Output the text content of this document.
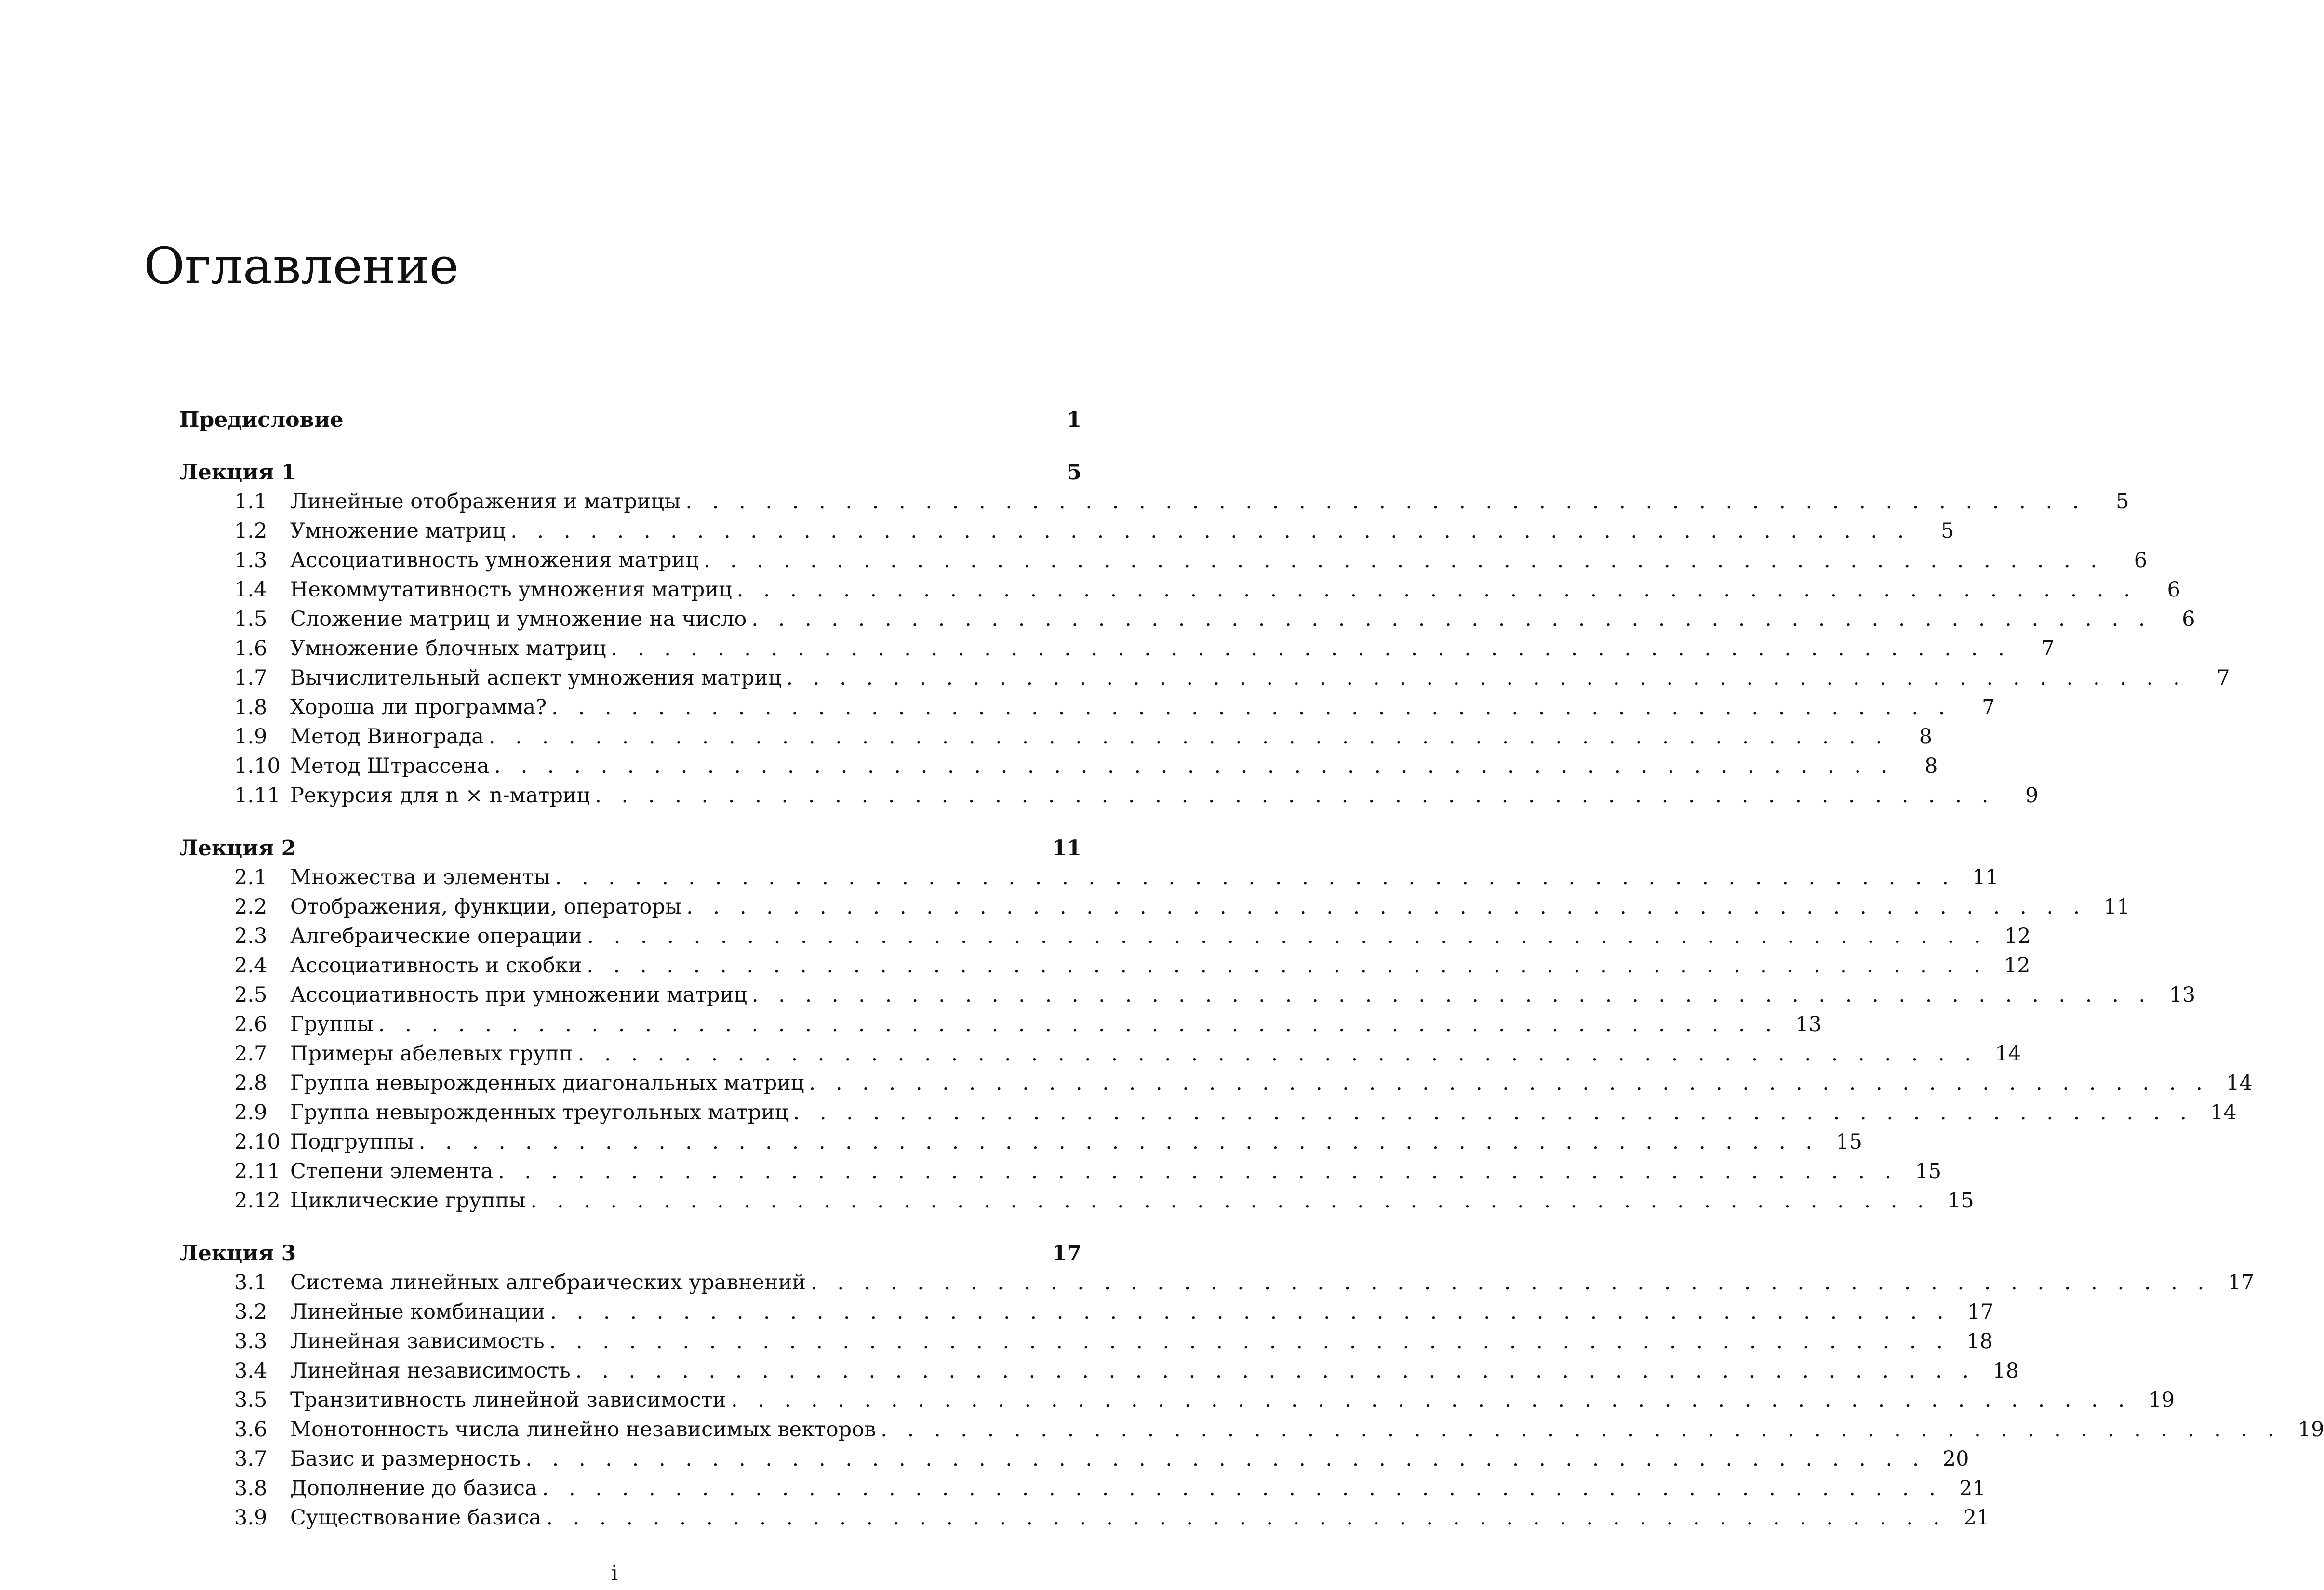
Оглавление
Предисловие	1
Лекция 1	5
1.1	Линейные отображения и матрицы . . . . . . . . . . . . . . . . . . . . . . . . . . . . . . . . . . . . . . . . . . . . . . . . . . . . .	5
1.2	Умножение матриц . . . . . . . . . . . . . . . . . . . . . . . . . . . . . . . . . . . . . . . . . . . . . . . . . . . . .	5
1.3	Ассоциативность умножения матриц . . . . . . . . . . . . . . . . . . . . . . . . . . . . . . . . . . . . . . . . . . . . . . . . . . . . .	6
1.4	Некоммутативность умножения матриц . . . . . . . . . . . . . . . . . . . . . . . . . . . . . . . . . . . . . . . . . . . . . . . . . . . . .	6
1.5	Сложение матриц и умножение на число . . . . . . . . . . . . . . . . . . . . . . . . . . . . . . . . . . . . . . . . . . . . . . . . . . . . .	6
1.6	Умножение блочных матриц . . . . . . . . . . . . . . . . . . . . . . . . . . . . . . . . . . . . . . . . . . . . . . . . . . . . .	7
1.7	Вычислительный аспект умножения матриц . . . . . . . . . . . . . . . . . . . . . . . . . . . . . . . . . . . . . . . . . . . . . . . . . . . . .	7
1.8	Хороша ли программа? . . . . . . . . . . . . . . . . . . . . . . . . . . . . . . . . . . . . . . . . . . . . . . . . . . . . .	7
1.9	Метод Винограда . . . . . . . . . . . . . . . . . . . . . . . . . . . . . . . . . . . . . . . . . . . . . . . . . . . . .	8
1.10 Метод Штрассена . . . . . . . . . . . . . . . . . . . . . . . . . . . . . . . . . . . . . . . . . . . . . . . . . . . . .	8
1.11 Рекурсия для n × n-матриц . . . . . . . . . . . . . . . . . . . . . . . . . . . . . . . . . . . . . . . . . . . . . . . . . . . . .	9
Лекция 2	11
2.1	Множества и элементы . . . . . . . . . . . . . . . . . . . . . . . . . . . . . . . . . . . . . . . . . . . . . . . . . . . . . 11
2.2	Отображения, функции, операторы . . . . . . . . . . . . . . . . . . . . . . . . . . . . . . . . . . . . . . . . . . . . . . . . . . . . . 11
2.3	Алгебраические операции . . . . . . . . . . . . . . . . . . . . . . . . . . . . . . . . . . . . . . . . . . . . . . . . . . . . . 12
2.4	Ассоциативность и скобки . . . . . . . . . . . . . . . . . . . . . . . . . . . . . . . . . . . . . . . . . . . . . . . . . . . . . 12
2.5	Ассоциативность при умножении матриц . . . . . . . . . . . . . . . . . . . . . . . . . . . . . . . . . . . . . . . . . . . . . . . . . . . . . 13
2.6	Группы . . . . . . . . . . . . . . . . . . . . . . . . . . . . . . . . . . . . . . . . . . . . . . . . . . . . . 13
2.7	Примеры абелевых групп . . . . . . . . . . . . . . . . . . . . . . . . . . . . . . . . . . . . . . . . . . . . . . . . . . . . . 14
2.8	Группа невырожденных диагональных матриц . . . . . . . . . . . . . . . . . . . . . . . . . . . . . . . . . . . . . . . . . . . . . . . . . . . . . 14
2.9	Группа невырожденных треугольных матриц . . . . . . . . . . . . . . . . . . . . . . . . . . . . . . . . . . . . . . . . . . . . . . . . . . . . . 14
2.10 Подгруппы . . . . . . . . . . . . . . . . . . . . . . . . . . . . . . . . . . . . . . . . . . . . . . . . . . . . . 15
2.11 Степени элемента . . . . . . . . . . . . . . . . . . . . . . . . . . . . . . . . . . . . . . . . . . . . . . . . . . . . . 15
2.12 Циклические группы . . . . . . . . . . . . . . . . . . . . . . . . . . . . . . . . . . . . . . . . . . . . . . . . . . . . . 15
Лекция 3	17
3.1	Система линейных алгебраических уравнений . . . . . . . . . . . . . . . . . . . . . . . . . . . . . . . . . . . . . . . . . . . . . . . . . . . . . 17
3.2	Линейные комбинации . . . . . . . . . . . . . . . . . . . . . . . . . . . . . . . . . . . . . . . . . . . . . . . . . . . . . 17
3.3	Линейная зависимость . . . . . . . . . . . . . . . . . . . . . . . . . . . . . . . . . . . . . . . . . . . . . . . . . . . . . 18
3.4	Линейная независимость . . . . . . . . . . . . . . . . . . . . . . . . . . . . . . . . . . . . . . . . . . . . . . . . . . . . . 18
3.5	Транзитивность линейной зависимости . . . . . . . . . . . . . . . . . . . . . . . . . . . . . . . . . . . . . . . . . . . . . . . . . . . . . 19
3.6	Монотонность числа линейно независимых векторов . . . . . . . . . . . . . . . . . . . . . . . . . . . . . . . . . . . . . . . . . . . . . . . . . . . . . 19
3.7	Базис и размерность . . . . . . . . . . . . . . . . . . . . . . . . . . . . . . . . . . . . . . . . . . . . . . . . . . . . . 20
3.8	Дополнение до базиса . . . . . . . . . . . . . . . . . . . . . . . . . . . . . . . . . . . . . . . . . . . . . . . . . . . . . 21
3.9	Существование базиса . . . . . . . . . . . . . . . . . . . . . . . . . . . . . . . . . . . . . . . . . . . . . . . . . . . . . 21
i
